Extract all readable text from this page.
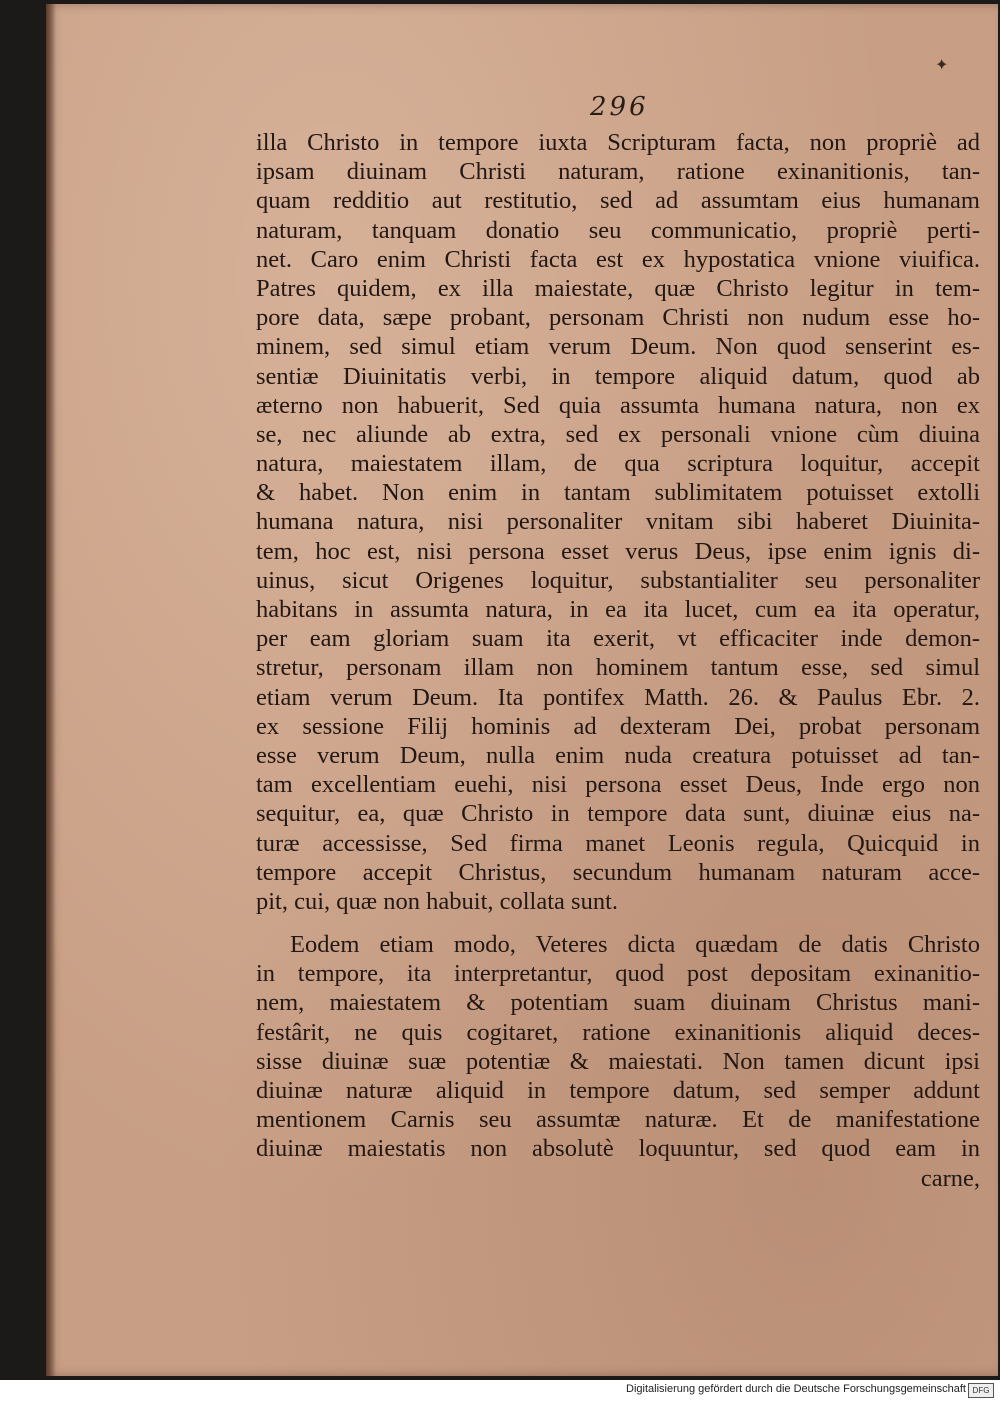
✦
296
illa Christo in tempore iuxta Scripturam facta, non propriè ad
ipsam diuinam Christi naturam, ratione exinanitionis, tan-
quam redditio aut restitutio, sed ad assumtam eius humanam
naturam, tanquam donatio seu communicatio, propriè perti-
net. Caro enim Christi facta est ex hypostatica vnione viuifica.
Patres quidem, ex illa maiestate, quæ Christo legitur in tem-
pore data, sæpe probant, personam Christi non nudum esse ho-
minem, sed simul etiam verum Deum. Non quod senserint es-
sentiæ Diuinitatis verbi, in tempore aliquid datum, quod ab
æterno non habuerit, Sed quia assumta humana natura, non ex
se, nec aliunde ab extra, sed ex personali vnione cùm diuina
natura, maiestatem illam, de qua scriptura loquitur, accepit
& habet. Non enim in tantam sublimitatem potuisset extolli
humana natura, nisi personaliter vnitam sibi haberet Diuinita-
tem, hoc est, nisi persona esset verus Deus, ipse enim ignis di-
uinus, sicut Origenes loquitur, substantialiter seu personaliter
habitans in assumta natura, in ea ita lucet, cum ea ita operatur,
per eam gloriam suam ita exerit, vt efficaciter inde demon-
stretur, personam illam non hominem tantum esse, sed simul
etiam verum Deum. Ita pontifex Matth. 26. & Paulus Ebr. 2.
ex sessione Filij hominis ad dexteram Dei, probat personam
esse verum Deum, nulla enim nuda creatura potuisset ad tan-
tam excellentiam euehi, nisi persona esset Deus, Inde ergo non
sequitur, ea, quæ Christo in tempore data sunt, diuinæ eius na-
turæ accessisse, Sed firma manet Leonis regula, Quicquid in
tempore accepit Christus, secundum humanam naturam acce-
pit, cui, quæ non habuit, collata sunt.
Eodem etiam modo, Veteres dicta quædam de datis Christo
in tempore, ita interpretantur, quod post depositam exinanitio-
nem, maiestatem & potentiam suam diuinam Christus mani-
festârit, ne quis cogitaret, ratione exinanitionis aliquid deces-
sisse diuinæ suæ potentiæ & maiestati. Non tamen dicunt ipsi
diuinæ naturæ aliquid in tempore datum, sed semper addunt
mentionem Carnis seu assumtæ naturæ. Et de manifestatione
diuinæ maiestatis non absolutè loquuntur, sed quod eam in
carne,
Digitalisierung gefördert durch die Deutsche Forschungsgemeinschaft DFG
